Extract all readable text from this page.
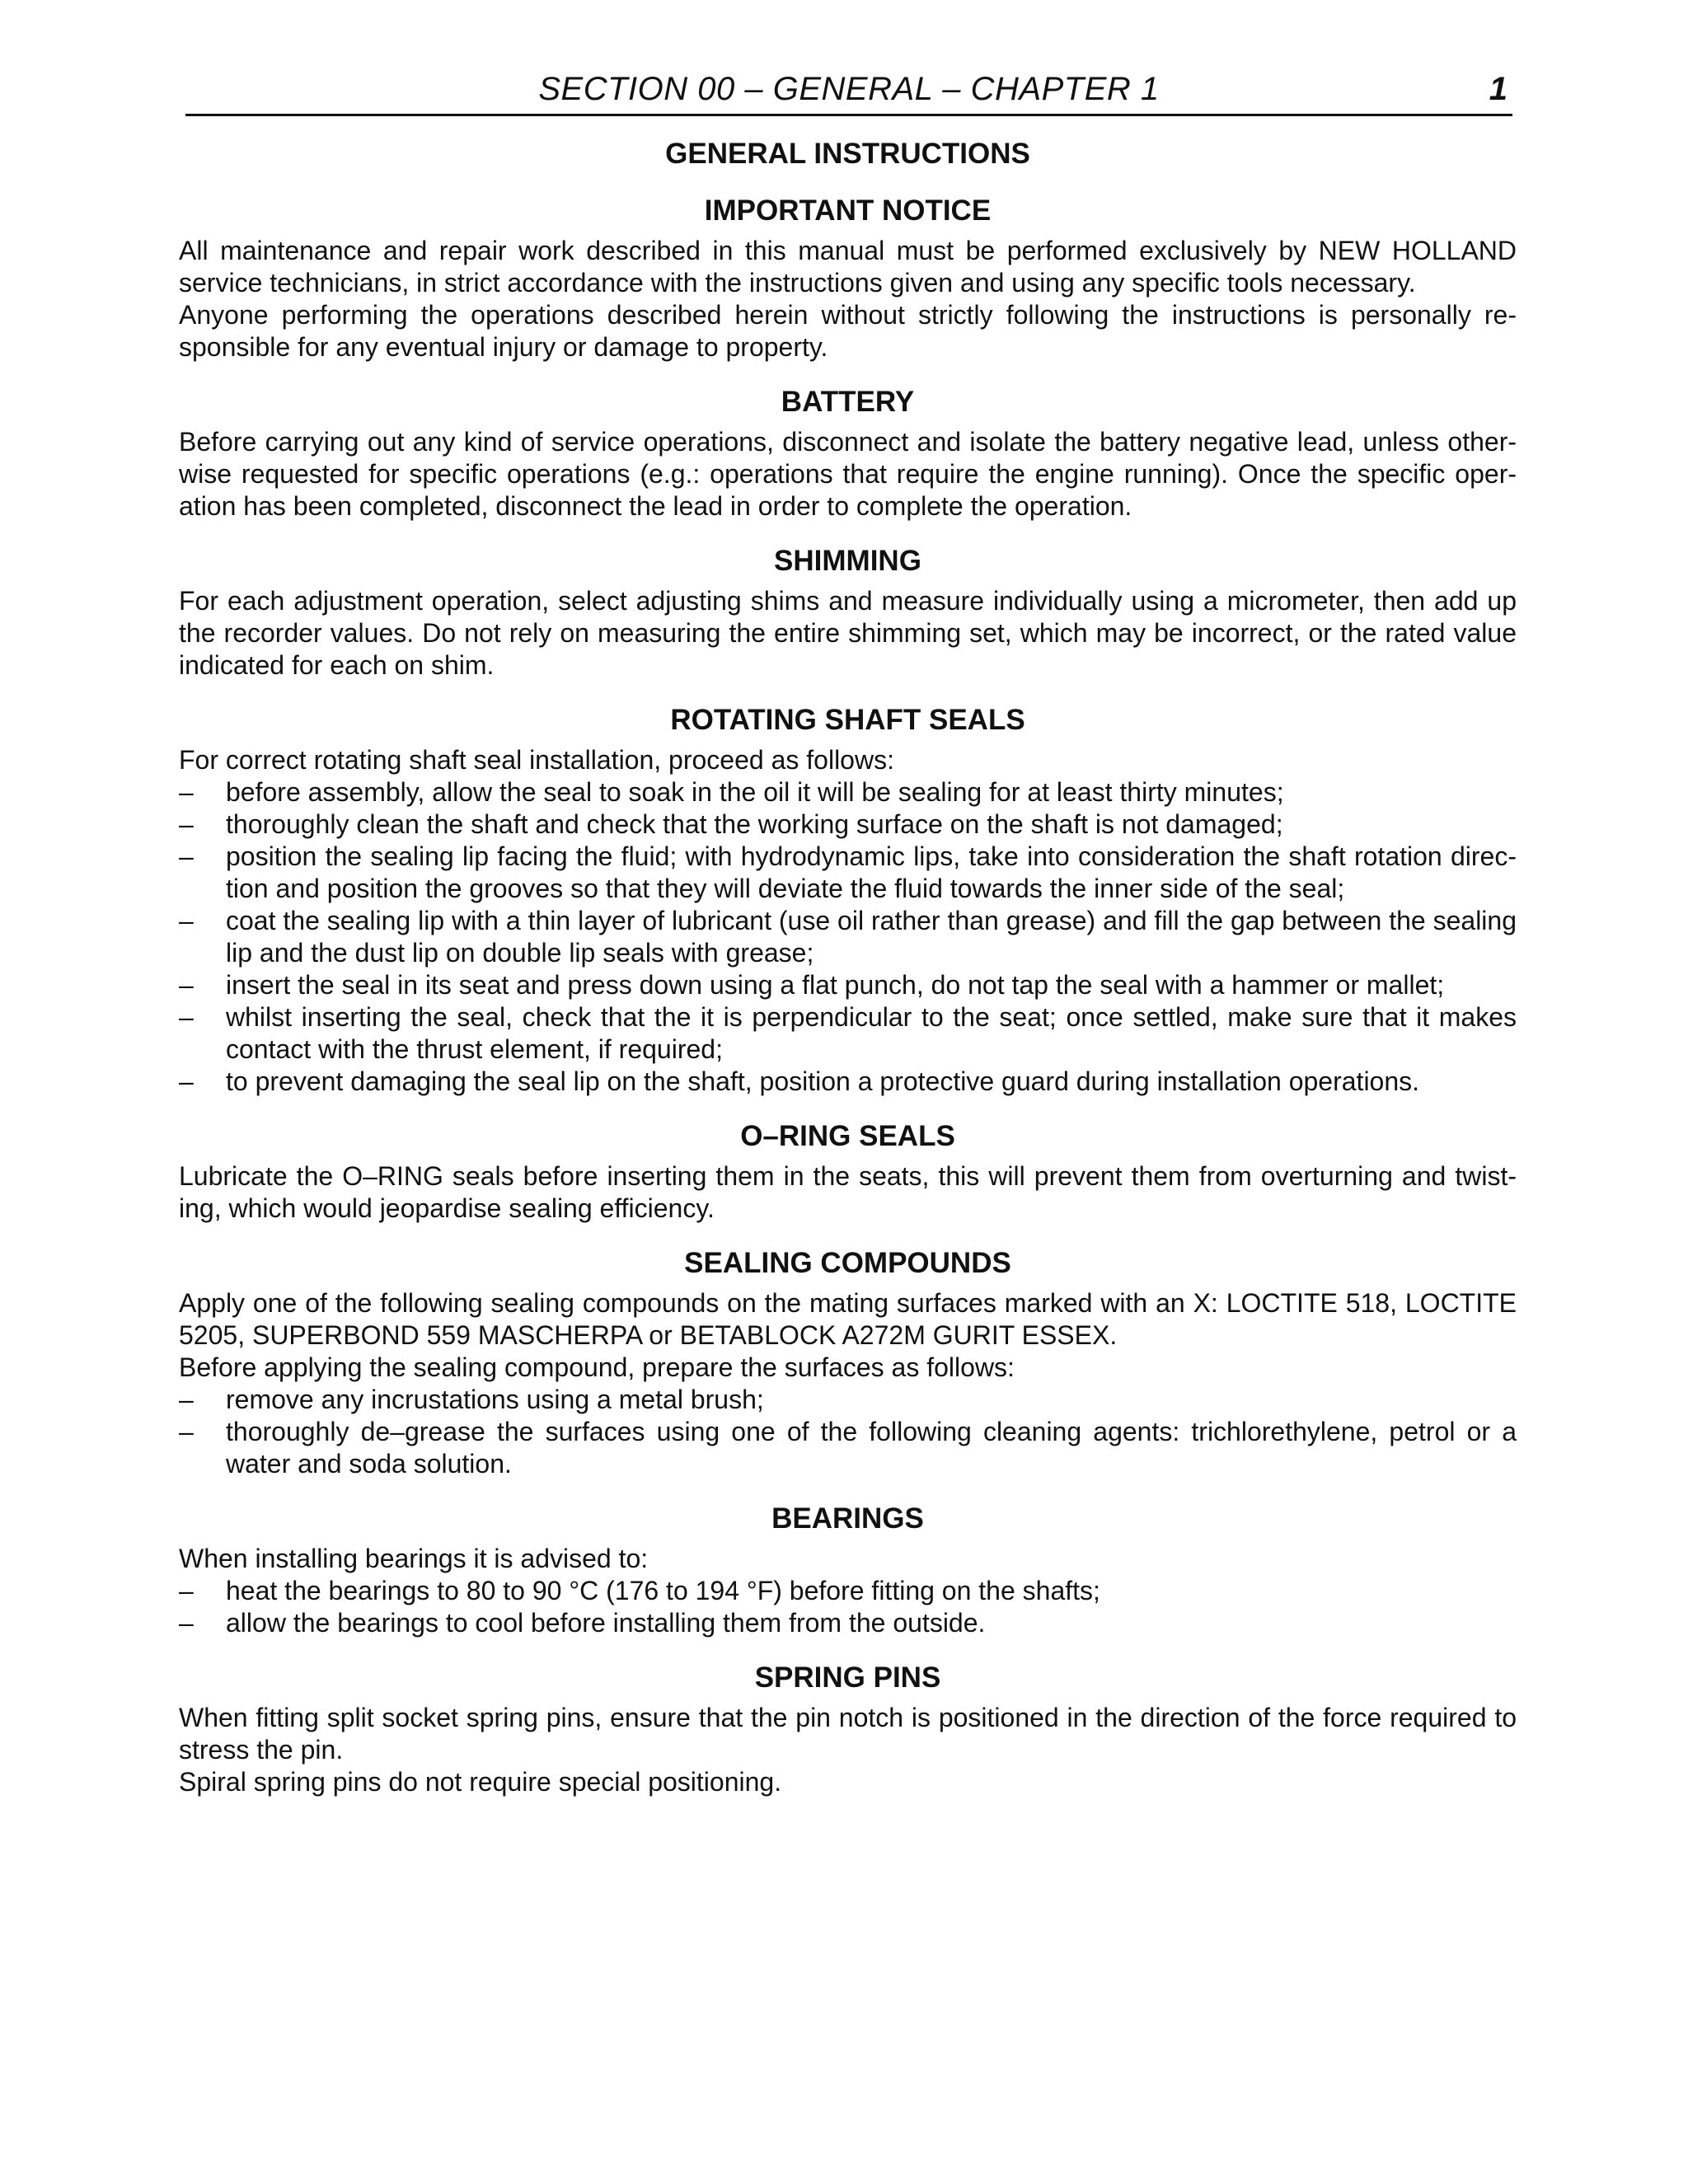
SECTION 00 – GENERAL – CHAPTER 1	1
GENERAL INSTRUCTIONS
IMPORTANT NOTICE

All maintenance and repair work described in this manual must be performed exclusively by NEW HOLLAND service technicians, in strict accordance with the instructions given and using any specific tools necessary.

Anyone performing the operations described herein without strictly following the instructions is personally responsible for any eventual injury or damage to property.

BATTERY

Before carrying out any kind of service operations, disconnect and isolate the battery negative lead, unless otherwise requested for specific operations (e.g.: operations that require the engine running). Once the specific operation has been completed, disconnect the lead in order to complete the operation.

SHIMMING

For each adjustment operation, select adjusting shims and measure individually using a micrometer, then add up the recorder values. Do not rely on measuring the entire shimming set, which may be incorrect, or the rated value indicated for each on shim.

ROTATING SHAFT SEALS

For correct rotating shaft seal installation, proceed as follows:

– before assembly, allow the seal to soak in the oil it will be sealing for at least thirty minutes;
– thoroughly clean the shaft and check that the working surface on the shaft is not damaged;
– position the sealing lip facing the fluid; with hydrodynamic lips, take into consideration the shaft rotation direction and position the grooves so that they will deviate the fluid towards the inner side of the seal;
– coat the sealing lip with a thin layer of lubricant (use oil rather than grease) and fill the gap between the sealing lip and the dust lip on double lip seals with grease;
– insert the seal in its seat and press down using a flat punch, do not tap the seal with a hammer or mallet;
– whilst inserting the seal, check that the it is perpendicular to the seat; once settled, make sure that it makes contact with the thrust element, if required;
– to prevent damaging the seal lip on the shaft, position a protective guard during installation operations.
O–RING SEALS

Lubricate the O–RING seals before inserting them in the seats, this will prevent them from overturning and twisting, which would jeopardise sealing efficiency.

SEALING COMPOUNDS

Apply one of the following sealing compounds on the mating surfaces marked with an X: LOCTITE 518, LOCTITE 5205, SUPERBOND 559 MASCHERPA or BETABLOCK A272M GURIT ESSEX.

Before applying the sealing compound, prepare the surfaces as follows:

– remove any incrustations using a metal brush;
– thoroughly de–grease the surfaces using one of the following cleaning agents: trichlorethylene, petrol or a water and soda solution.
BEARINGS

When installing bearings it is advised to:

– heat the bearings to 80 to 90 °C (176 to 194 °F) before fitting on the shafts;
– allow the bearings to cool before installing them from the outside.
SPRING PINS

When fitting split socket spring pins, ensure that the pin notch is positioned in the direction of the force required to stress the pin.

Spiral spring pins do not require special positioning.
